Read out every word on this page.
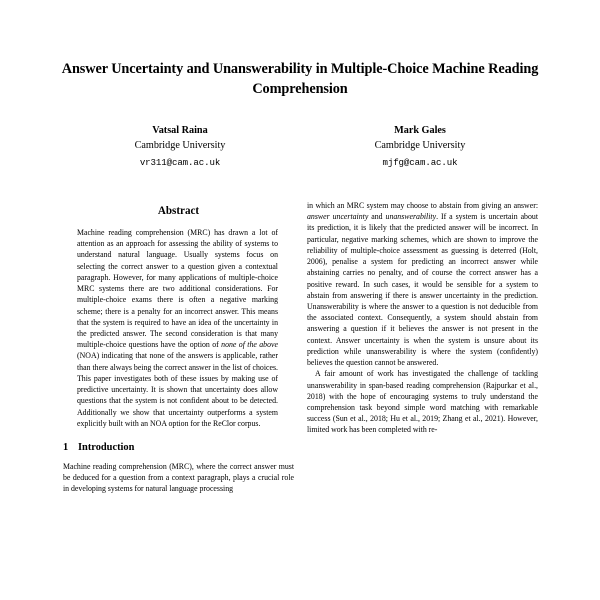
Answer Uncertainty and Unanswerability in Multiple-Choice Machine Reading Comprehension
Vatsal Raina
Cambridge University
vr311@cam.ac.uk
Mark Gales
Cambridge University
mjfg@cam.ac.uk
Abstract

Machine reading comprehension (MRC) has drawn a lot of attention as an approach for assessing the ability of systems to understand natural language. Usually systems focus on selecting the correct answer to a question given a contextual paragraph. However, for many applications of multiple-choice MRC systems there are two additional considerations. For multiple-choice exams there is often a negative marking scheme; there is a penalty for an incorrect answer. This means that the system is required to have an idea of the uncertainty in the predicted answer. The second consideration is that many multiple-choice questions have the option of none of the above (NOA) indicating that none of the answers is applicable, rather than there always being the correct answer in the list of choices. This paper investigates both of these issues by making use of predictive uncertainty. It is shown that uncertainty does allow questions that the system is not confident about to be detected. Additionally we show that uncertainty outperforms a system explicitly built with an NOA option for the ReClor corpus.

1 Introduction

Machine reading comprehension (MRC), where the correct answer must be deduced for a question from a context paragraph, plays a crucial role in developing systems for natural language processing

in which an MRC system may choose to abstain from giving an answer: answer uncertainty and unanswerability. If a system is uncertain about its prediction, it is likely that the predicted answer will be incorrect. In particular, negative marking schemes, which are shown to improve the reliability of multiple-choice assessment as guessing is deterred (Holt, 2006), penalise a system for predicting an incorrect answer while abstaining carries no penalty, and of course the correct answer has a positive reward. In such cases, it would be sensible for a system to abstain from answering if there is answer uncertainty in the prediction. Unanswerability is where the answer to a question is not deducible from the associated context. Consequently, a system should abstain from answering a question if it believes the answer is not present in the context. Answer uncertainty is when the system is unsure about its prediction while unanswerability is where the system (confidently) believes the question cannot be answered.

A fair amount of work has investigated the challenge of tackling unanswerability in span-based reading comprehension (Rajpurkar et al., 2018) with the hope of encouraging systems to truly understand the comprehension task beyond simple word matching with remarkable success (Sun et al., 2018; Hu et al., 2019; Zhang et al., 2021). However, limited work has been completed with re-
